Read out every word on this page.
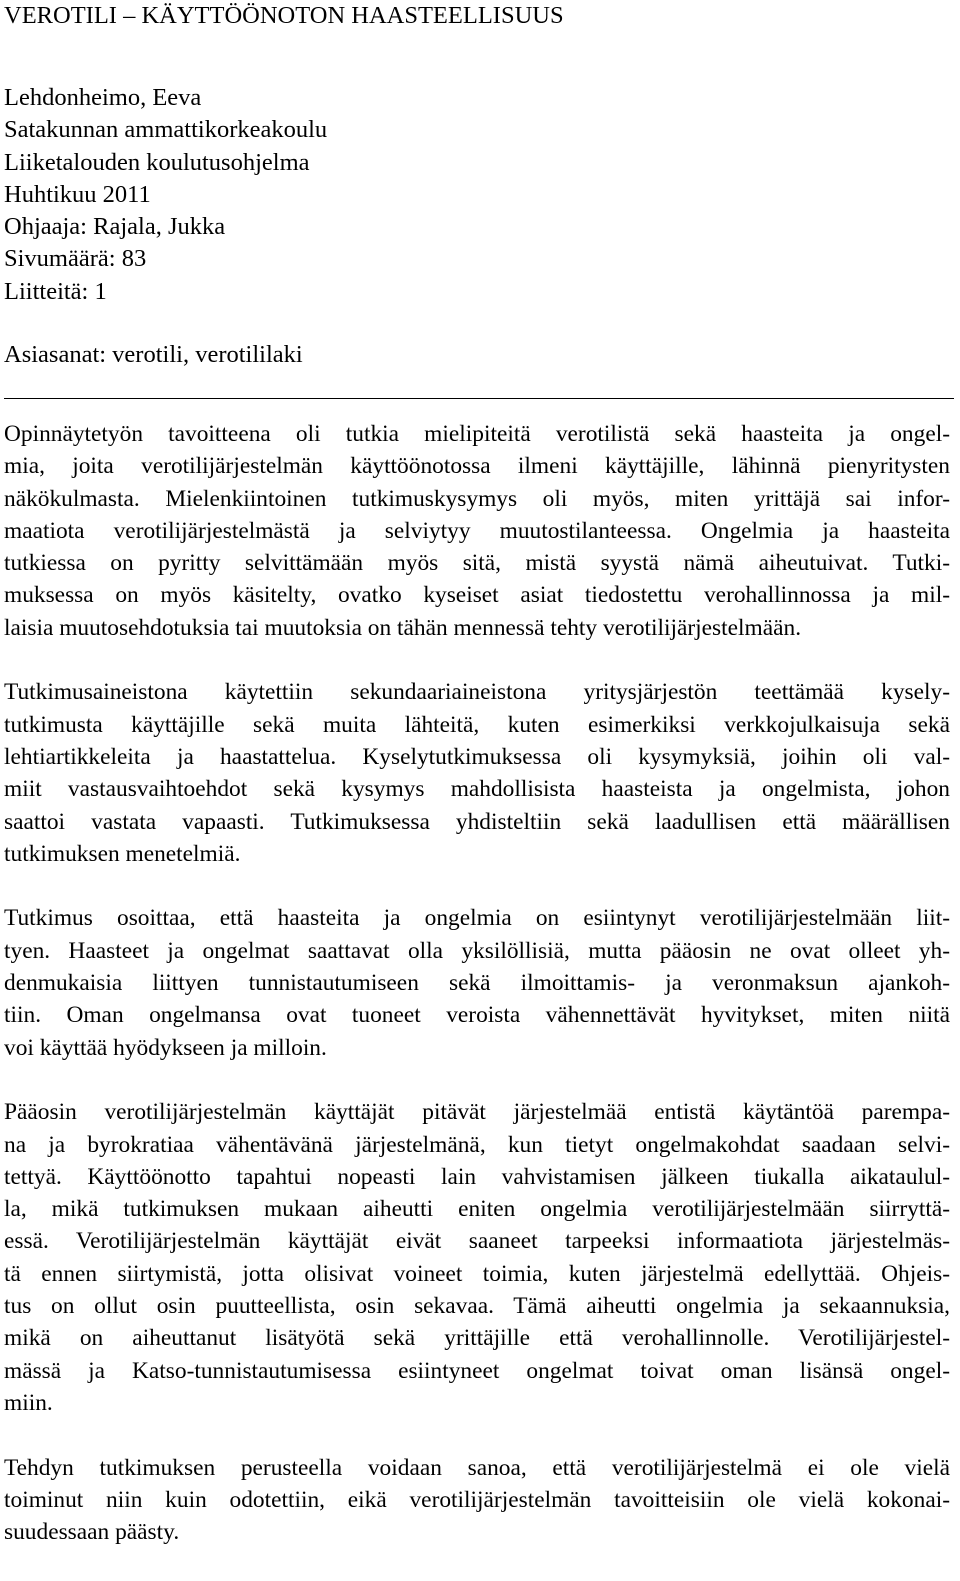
VEROTILI – KÄYTTÖÖNOTON HAASTEELLISUUS
Lehdonheimo, Eeva
Satakunnan ammattikorkeakoulu
Liiketalouden koulutusohjelma
Huhtikuu 2011
Ohjaaja: Rajala, Jukka
Sivumäärä: 83
Liitteitä: 1
Asiasanat: verotili, verotililaki
Opinnäytetyön tavoitteena oli tutkia mielipiteitä verotilistä sekä haasteita ja ongel-
mia, joita verotilijärjestelmän käyttöönotossa ilmeni käyttäjille, lähinnä pienyritysten
näkökulmasta. Mielenkiintoinen tutkimuskysymys oli myös, miten yrittäjä sai infor-
maatiota verotilijärjestelmästä ja selviytyy muutostilanteessa. Ongelmia ja haasteita
tutkiessa on pyritty selvittämään myös sitä, mistä syystä nämä aiheutuivat. Tutki-
muksessa on myös käsitelty, ovatko kyseiset asiat tiedostettu verohallinnossa ja mil-
laisia muutosehdotuksia tai muutoksia on tähän mennessä tehty verotilijärjestelmään.
Tutkimusaineistona käytettiin sekundaariaineistona yritysjärjestön teettämää kysely-
tutkimusta käyttäjille sekä muita lähteitä, kuten esimerkiksi verkkojulkaisuja sekä
lehtiartikkeleita ja haastattelua. Kyselytutkimuksessa oli kysymyksiä, joihin oli val-
miit vastausvaihtoehdot sekä kysymys mahdollisista haasteista ja ongelmista, johon
saattoi vastata vapaasti. Tutkimuksessa yhdisteltiin sekä laadullisen että määrällisen
tutkimuksen menetelmiä.
Tutkimus osoittaa, että haasteita ja ongelmia on esiintynyt verotilijärjestelmään liit-
tyen. Haasteet ja ongelmat saattavat olla yksilöllisiä, mutta pääosin ne ovat olleet yh-
denmukaisia liittyen tunnistautumiseen sekä ilmoittamis- ja veronmaksun ajankoh-
tiin. Oman ongelmansa ovat tuoneet veroista vähennettävät hyvitykset, miten niitä
voi käyttää hyödykseen ja milloin.
Pääosin verotilijärjestelmän käyttäjät pitävät järjestelmää entistä käytäntöä parempa-
na ja byrokratiaa vähentävänä järjestelmänä, kun tietyt ongelmakohdat saadaan selvi-
tettyä. Käyttöönotto tapahtui nopeasti lain vahvistamisen jälkeen tiukalla aikataulul-
la, mikä tutkimuksen mukaan aiheutti eniten ongelmia verotilijärjestelmään siirryttä-
essä. Verotilijärjestelmän käyttäjät eivät saaneet tarpeeksi informaatiota järjestelmäs-
tä ennen siirtymistä, jotta olisivat voineet toimia, kuten järjestelmä edellyttää. Ohjeis-
tus on ollut osin puutteellista, osin sekavaa. Tämä aiheutti ongelmia ja sekaannuksia,
mikä on aiheuttanut lisätyötä sekä yrittäjille että verohallinnolle. Verotilijärjestel-
mässä ja Katso-tunnistautumisessa esiintyneet ongelmat toivat oman lisänsä ongel-
miin.
Tehdyn tutkimuksen perusteella voidaan sanoa, että verotilijärjestelmä ei ole vielä
toiminut niin kuin odotettiin, eikä verotilijärjestelmän tavoitteisiin ole vielä kokonai-
suudessaan päästy.
